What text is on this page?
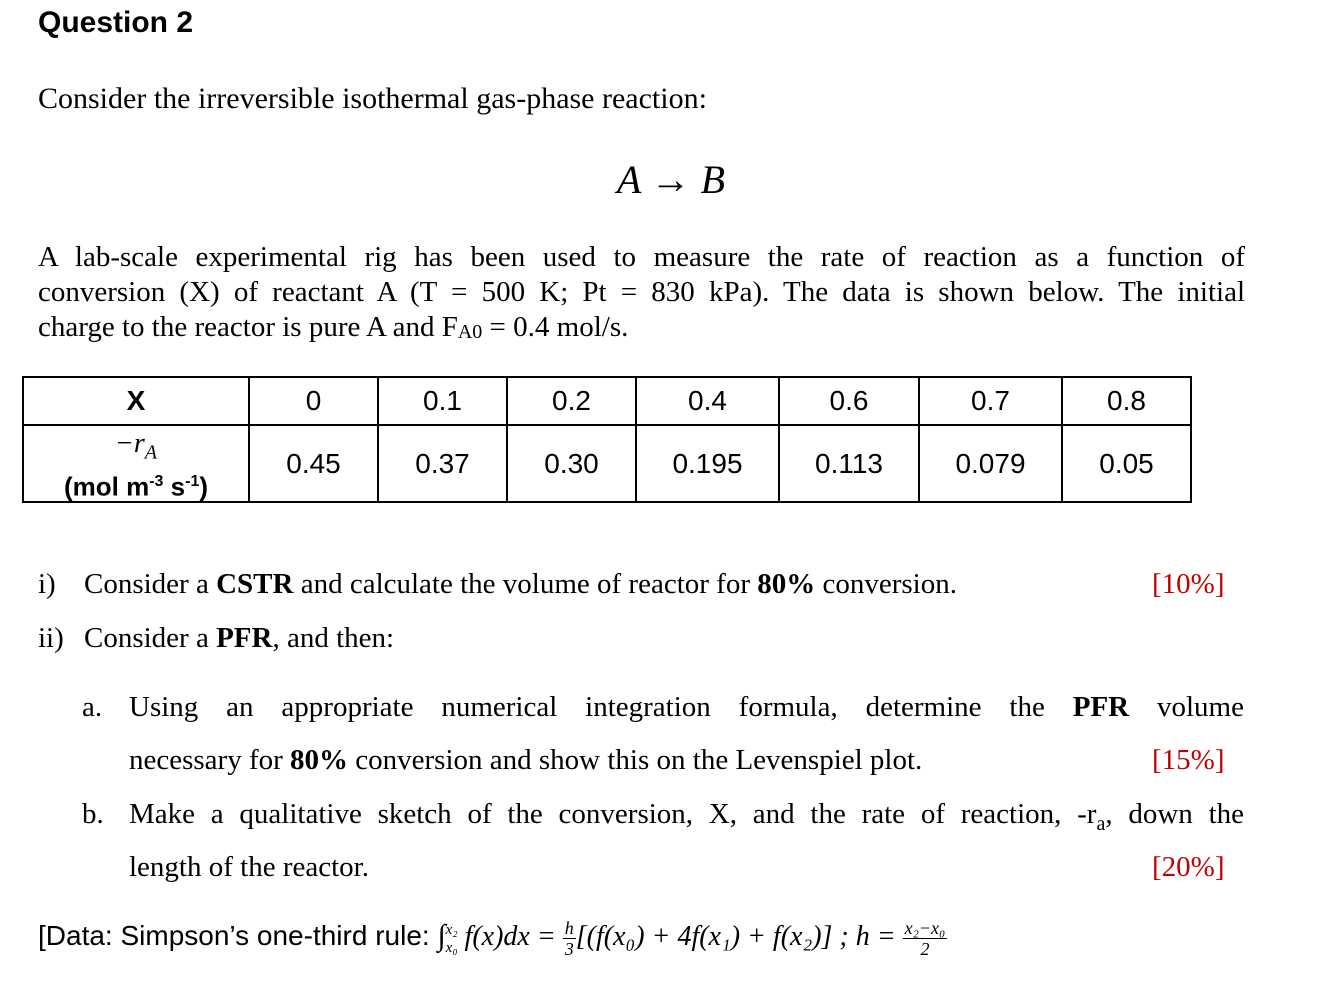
Question 2
Consider the irreversible isothermal gas-phase reaction:
A → B
A lab-scale experimental rig has been used to measure the rate of reaction as a function of
conversion (X) of reactant A (T = 500 K; Pt = 830 kPa). The data is shown below. The initial
charge to the reactor is pure A and $F_{A0} = 0.4$ mol/s.
X	0	0.1	0.2	0.4	0.6	0.7	0.8

$-r_A$
(mol $m^{-3}$ $s^{-1}$)	0.45	0.37	0.30	0.195	0.113	0.079	0.05
i) Consider a CSTR and calculate the volume of reactor for 80% conversion.	[10%]
ii) Consider a PFR, and then:
a. Using an appropriate numerical integration formula, determine the PFR volume
necessary for 80% conversion and show this on the Levenspiel plot.	[15%]
b. Make a qualitative sketch of the conversion, X, and the rate of reaction, $-r_a$, down the
length of the reactor.	[20%]
[Data: Simpson’s one-third rule: ∫ x₂
x₀ $f(x)dx = \frac{h}{3} [(f(x_0) + 4f(x_1) + f(x_2)]$ ; $h = \frac{\text{x₂−x₀}}{2}$
